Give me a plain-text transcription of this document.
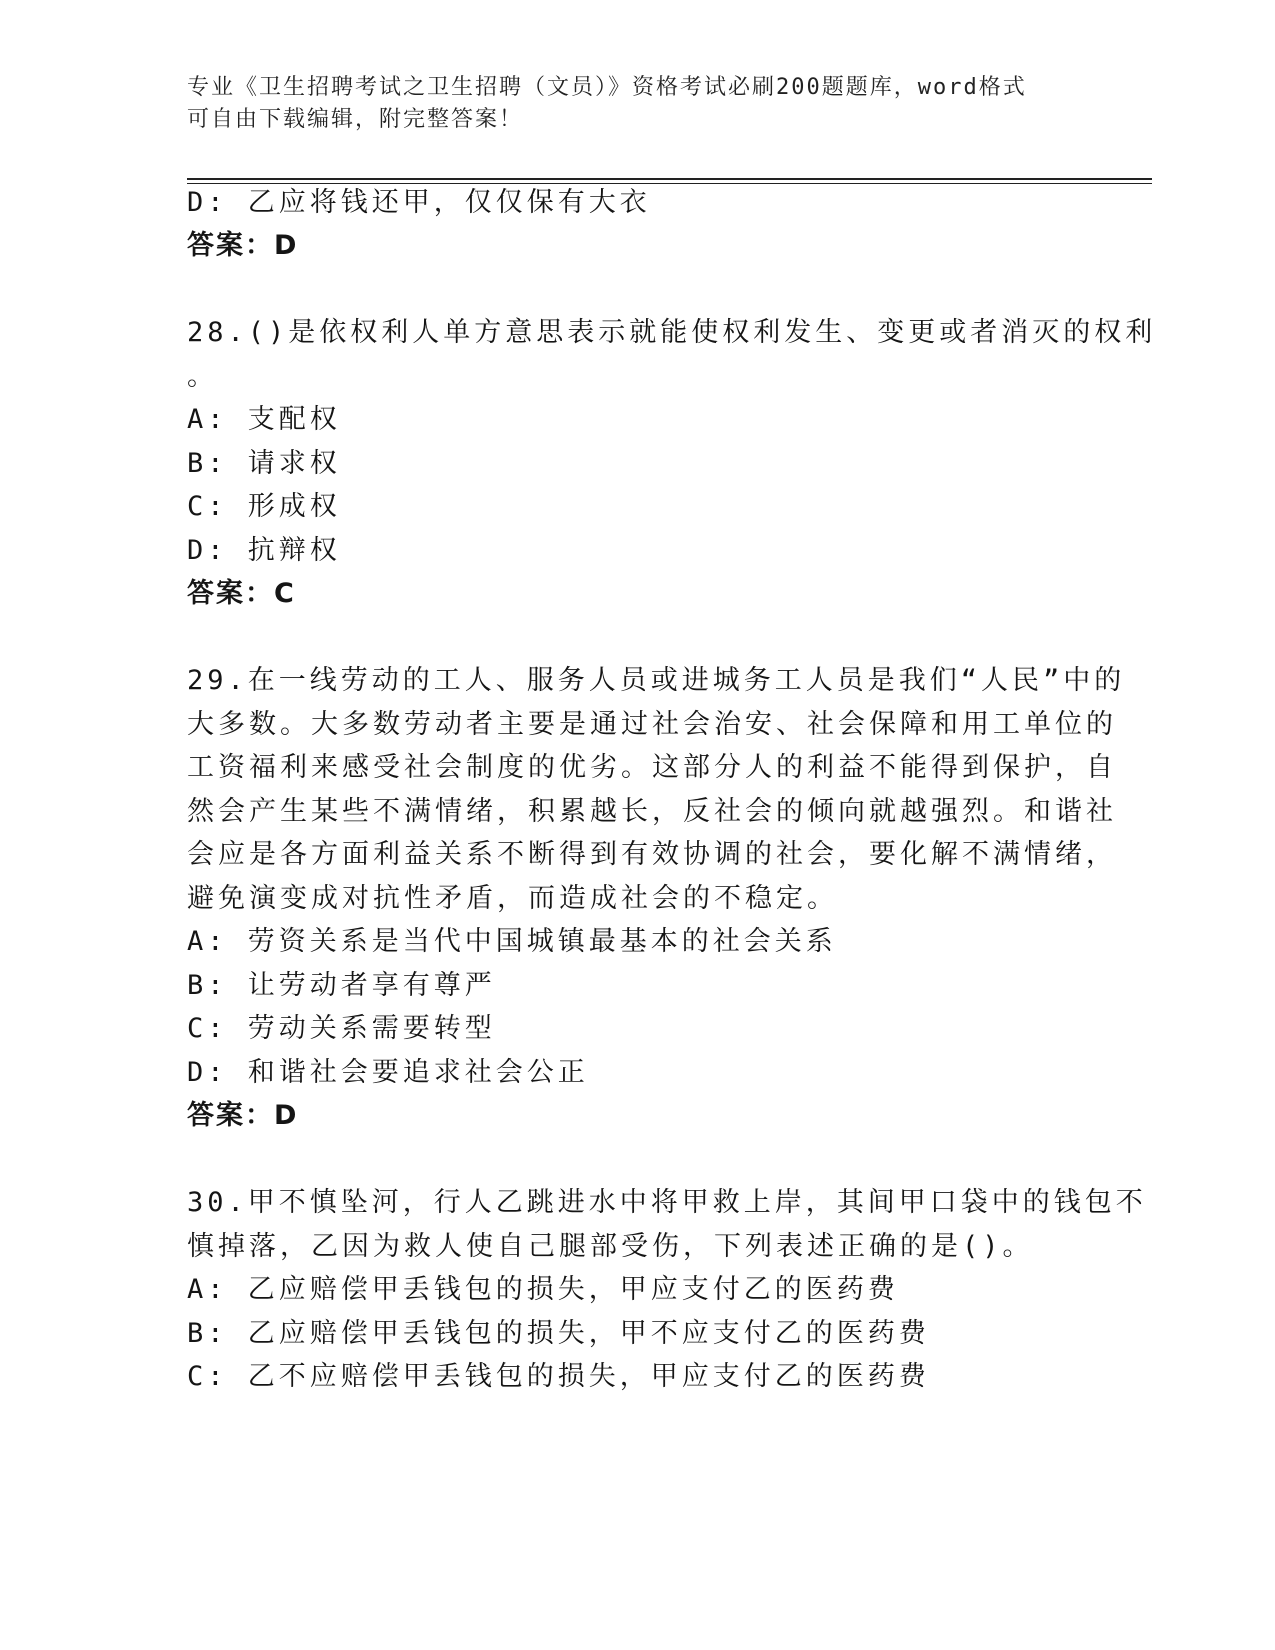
专业《卫生招聘考试之卫生招聘（文员）》资格考试必刷200题题库，word格式
可自由下载编辑，附完整答案！
D: 乙应将钱还甲，仅仅保有大衣
答案：D
28.()是依权利人单方意思表示就能使权利发生、变更或者消灭的权利
。
A: 支配权
B: 请求权
C: 形成权
D: 抗辩权
答案：C
29.在一线劳动的工人、服务人员或进城务工人员是我们“人民”中的
大多数。大多数劳动者主要是通过社会治安、社会保障和用工单位的
工资福利来感受社会制度的优劣。这部分人的利益不能得到保护，自
然会产生某些不满情绪，积累越长，反社会的倾向就越强烈。和谐社
会应是各方面利益关系不断得到有效协调的社会，要化解不满情绪，
避免演变成对抗性矛盾，而造成社会的不稳定。
A: 劳资关系是当代中国城镇最基本的社会关系
B: 让劳动者享有尊严
C: 劳动关系需要转型
D: 和谐社会要追求社会公正
答案：D
30.甲不慎坠河，行人乙跳进水中将甲救上岸，其间甲口袋中的钱包不
慎掉落，乙因为救人使自己腿部受伤，下列表述正确的是()。
A: 乙应赔偿甲丢钱包的损失，甲应支付乙的医药费
B: 乙应赔偿甲丢钱包的损失，甲不应支付乙的医药费
C: 乙不应赔偿甲丢钱包的损失，甲应支付乙的医药费
